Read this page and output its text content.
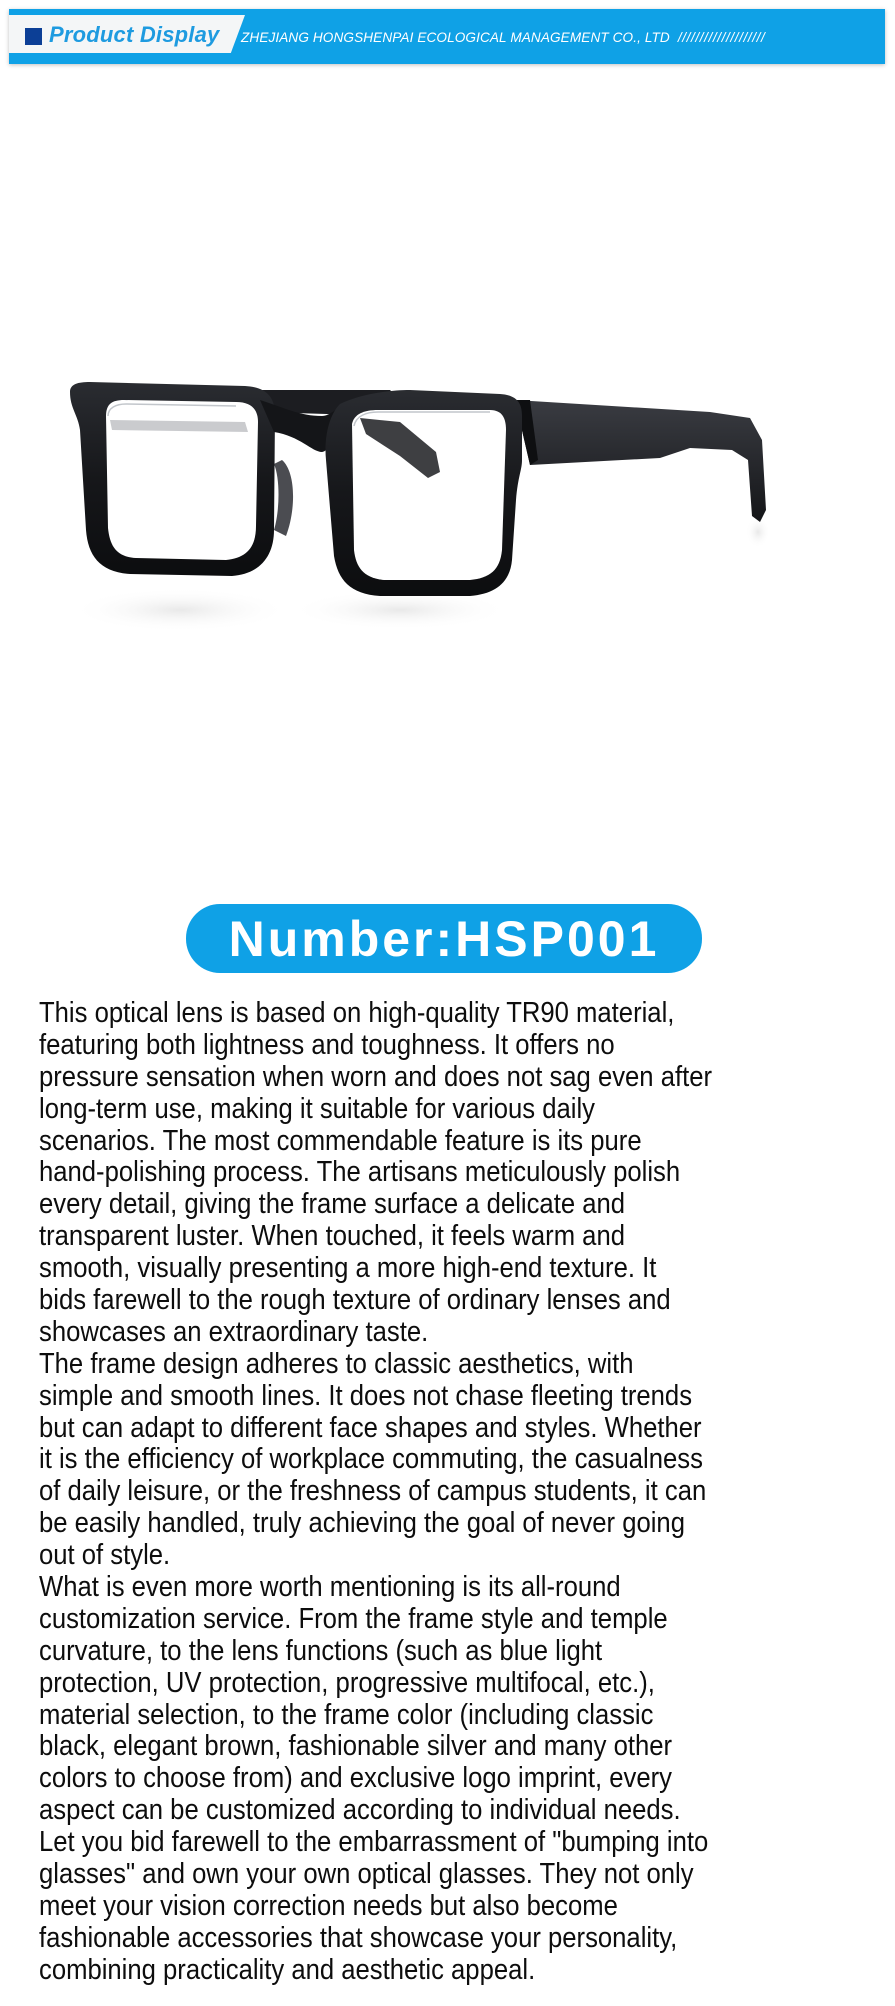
Product Display ZHEJIANG HONGSHENPAI ECOLOGICAL MANAGEMENT CO., LTD ////////////////////
Number:HSP001
This optical lens is based on high-quality TR90 material,
featuring both lightness and toughness. It offers no
pressure sensation when worn and does not sag even after
long-term use, making it suitable for various daily
scenarios. The most commendable feature is its pure
hand-polishing process. The artisans meticulously polish
every detail, giving the frame surface a delicate and
transparent luster. When touched, it feels warm and
smooth, visually presenting a more high-end texture. It
bids farewell to the rough texture of ordinary lenses and
showcases an extraordinary taste.
The frame design adheres to classic aesthetics, with
simple and smooth lines. It does not chase fleeting trends
but can adapt to different face shapes and styles. Whether
it is the efficiency of workplace commuting, the casualness
of daily leisure, or the freshness of campus students, it can
be easily handled, truly achieving the goal of never going
out of style.
What is even more worth mentioning is its all-round
customization service. From the frame style and temple
curvature, to the lens functions (such as blue light
protection, UV protection, progressive multifocal, etc.),
material selection, to the frame color (including classic
black, elegant brown, fashionable silver and many other
colors to choose from) and exclusive logo imprint, every
aspect can be customized according to individual needs.
Let you bid farewell to the embarrassment of "bumping into
glasses" and own your own optical glasses. They not only
meet your vision correction needs but also become
fashionable accessories that showcase your personality,
combining practicality and aesthetic appeal.
